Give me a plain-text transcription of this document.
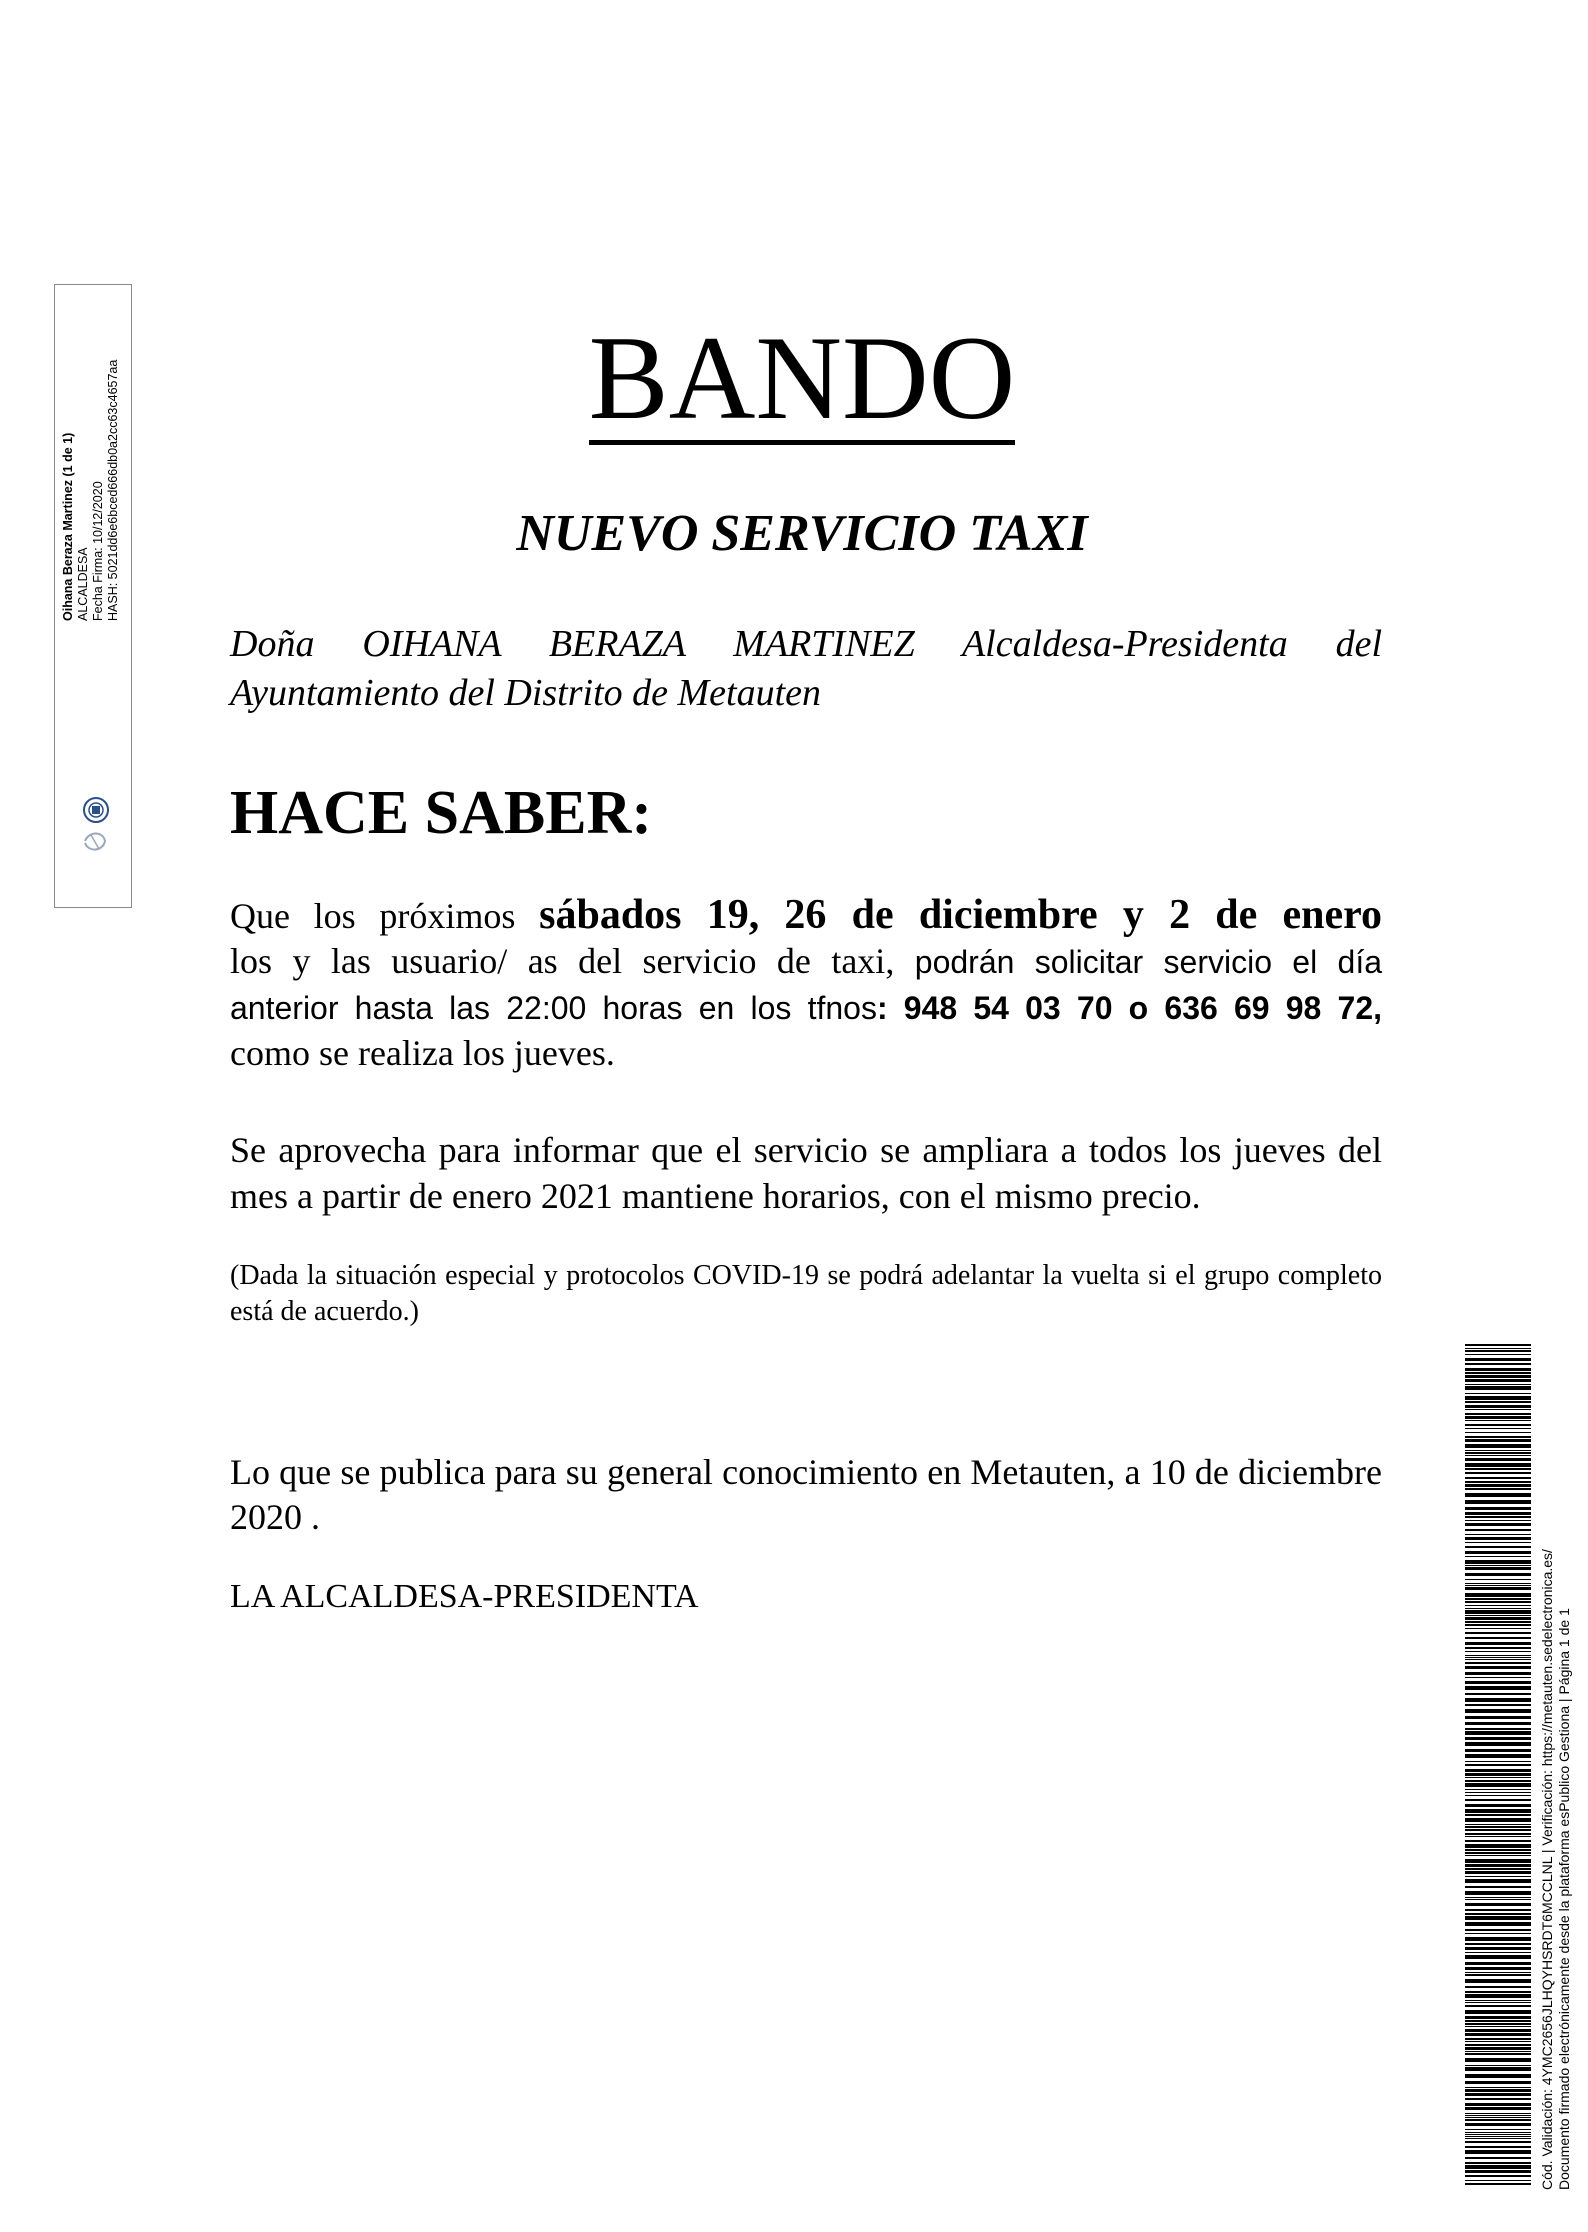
Oihana Beraza Martinez (1 de 1) ALCALDESA Fecha Firma: 10/12/2020 HASH: 5021dd6e6bced666db0a2cc63c4657aa	BANDO
NUEVO SERVICIO TAXI
Doña OIHANA BERAZA MARTINEZ Alcaldesa-Presidenta del
Ayuntamiento del Distrito de Metauten
HACE SABER:
Que los próximos sábados 19, 26 de diciembre y 2 de enero
los y las usuario/ as del servicio de taxi, podrán solicitar servicio el día
anterior hasta las 22:00 horas en los tfnos: 948 54 03 70 o 636 69 98 72,
como se realiza los jueves.
Se aprovecha para informar que el servicio se ampliara a todos los jueves del mes a partir de enero 2021 mantiene horarios, con el mismo precio.
(Dada la situación especial y protocolos COVID-19 se podrá adelantar la vuelta si el grupo completo está de acuerdo.)
Lo que se publica para su general conocimiento en Metauten, a 10 de diciembre 2020 .
LA ALCALDESA-PRESIDENTA	Cód. Validación: 4YMC2656JLHQYHSRDT6MCCLNL | Verificación: https://metauten.sedelectronica.es/ Documento firmado electrónicamente desde la plataforma esPublico Gestiona | Página 1 de 1
